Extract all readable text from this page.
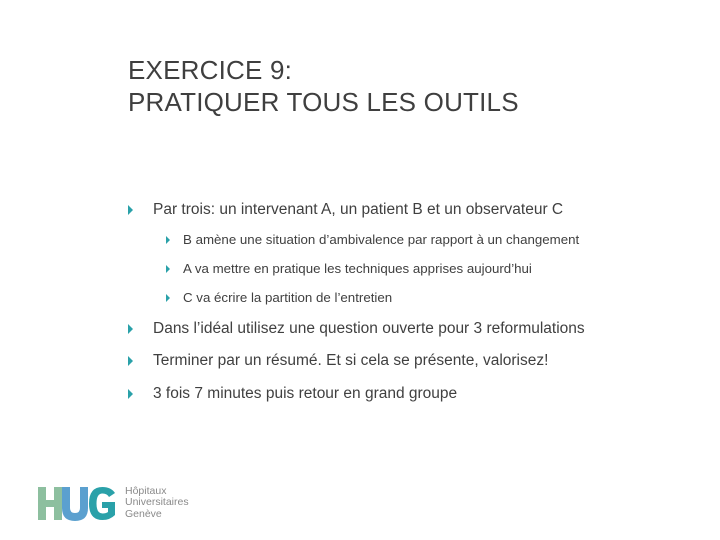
EXERCICE 9:
PRATIQUER TOUS LES OUTILS
Par trois: un intervenant A, un patient B et un observateur C
B amène une situation d’ambivalence par rapport à un changement
A va mettre en pratique les techniques apprises aujourd’hui
C va écrire la partition de l’entretien
Dans l’idéal utilisez une question ouverte pour 3 reformulations
Terminer par un résumé. Et si cela se présente, valorisez!
3 fois 7 minutes puis retour en grand groupe
Hôpitaux
Universitaires
Genève
